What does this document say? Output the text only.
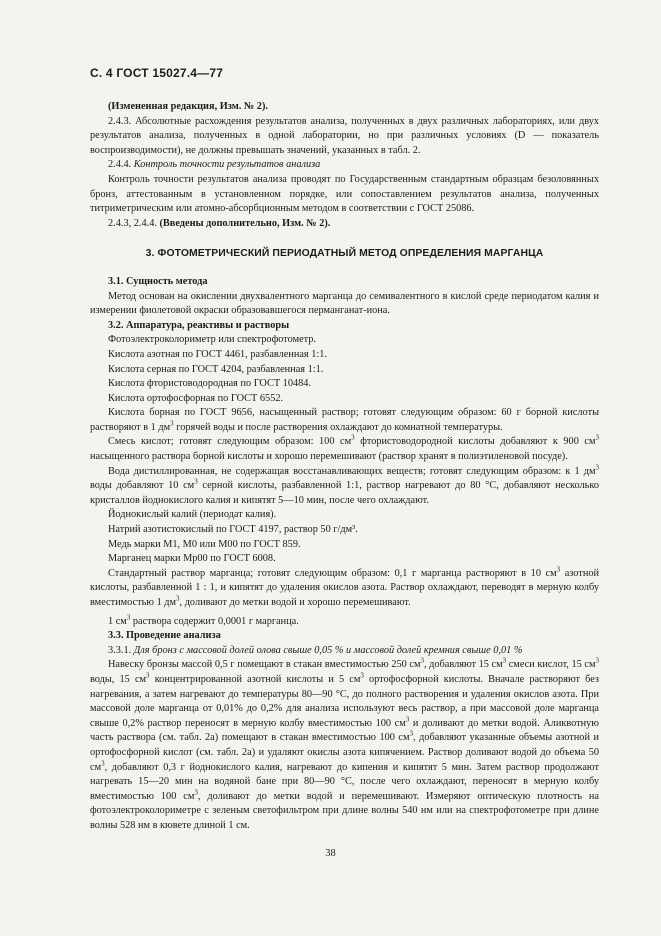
С. 4 ГОСТ 15027.4—77

(Измененная редакция, Изм. № 2).

2.4.3. Абсолютные расхождения результатов анализа, полученных в двух различных лабораториях, или двух результатов анализа, полученных в одной лаборатории, но при различных условиях (D — показатель воспроизводимости), не должны превышать значений, указанных в табл. 2.

2.4.4. Контроль точности результатов анализа

Контроль точности результатов анализа проводят по Государственным стандартным образцам безоловянных бронз, аттестованным в установленном порядке, или сопоставлением результатов анализа, полученных титриметрическим или атомно-абсорбционным методом в соответствии с ГОСТ 25086.

2.4.3, 2.4.4. (Введены дополнительно, Изм. № 2).

3. ФОТОМЕТРИЧЕСКИЙ ПЕРИОДАТНЫЙ МЕТОД ОПРЕДЕЛЕНИЯ МАРГАНЦА

3.1. Сущность метода

Метод основан на окислении двухвалентного марганца до семивалентного в кислой среде периодатом калия и измерении фиолетовой окраски образовавшегося перманганат-иона.

3.2. Аппаратура, реактивы и растворы

Фотоэлектроколориметр или спектрофотометр.

Кислота азотная по ГОСТ 4461, разбавленная 1:1.

Кислота серная по ГОСТ 4204, разбавленная 1:1.

Кислота фтористоводородная по ГОСТ 10484.

Кислота ортофосфорная по ГОСТ 6552.

Кислота борная по ГОСТ 9656, насыщенный раствор; готовят следующим образом: 60 г борной кислоты растворяют в 1 $дм^3$ горячей воды и после растворения охлаждают до комнатной температуры.

Смесь кислот; готовят следующим образом: 100 $см^3$ фтористоводородной кислоты добавляют к 900 $см^3$ насыщенного раствора борной кислоты и хорошо перемешивают (раствор хранят в полиэтиленовой посуде).

Вода дистиллированная, не содержащая восстанавливающих веществ; готовят следующим образом: к 1 $дм^3$ воды добавляют 10 $см^3$ серной кислоты, разбавленной 1:1, раствор нагревают до 80 °C, добавляют несколько кристаллов йоднокислого калия и кипятят 5—10 мин, после чего охлаждают.

Йоднокислый калий (периодат калия).

Натрий азотистокислый по ГОСТ 4197, раствор 50 г/дм³.

Медь марки М1, М0 или М00 по ГОСТ 859.

Марганец марки Мр00 по ГОСТ 6008.

Стандартный раствор марганца; готовят следующим образом: 0,1 г марганца растворяют в 10 $см^3$ азотной кислоты, разбавленной 1 : 1, и кипятят до удаления окислов азота. Раствор охлаждают, переводят в мерную колбу вместимостью 1 $дм^3$, доливают до метки водой и хорошо перемешивают.

1 $см^3$ раствора содержит 0,0001 г марганца.

3.3. Проведение анализа

3.3.1. Для бронз с массовой долей олова свыше 0,05 % и массовой долей кремния свыше 0,01 %

Навеску бронзы массой 0,5 г помещают в стакан вместимостью 250 $см^3$, добавляют 15 $см^3$ смеси кислот, 15 $см^3$ воды, 15 $см^3$ концентрированной азотной кислоты и 5 $см^3$ ортофосфорной кислоты. Вначале растворяют без нагревания, а затем нагревают до температуры 80—90 °C, до полного растворения и удаления окислов азота. При массовой доле марганца от 0,01% до 0,2% для анализа используют весь раствор, а при массовой доле марганца свыше 0,2% раствор переносят в мерную колбу вместимостью 100 $см^3$ и доливают до метки водой. Аликвотную часть раствора (см. табл. 2а) помещают в стакан вместимостью 100 $см^3$, добавляют указанные объемы азотной и ортофосфорной кислот (см. табл. 2а) и удаляют окислы азота кипячением. Раствор доливают водой до объема 50 $см^3$, добавляют 0,3 г йоднокислого калия, нагревают до кипения и кипятят 5 мин. Затем раствор продолжают нагревать 15—20 мин на водяной бане при 80—90 °C, после чего охлаждают, переносят в мерную колбу вместимостью 100 $см^3$, доливают до метки водой и перемешивают. Измеряют оптическую плотность на фотоэлектроколориметре с зеленым светофильтром при длине волны 540 нм или на спектрофотометре при длине волны 528 нм в кювете длиной 1 см.

38
